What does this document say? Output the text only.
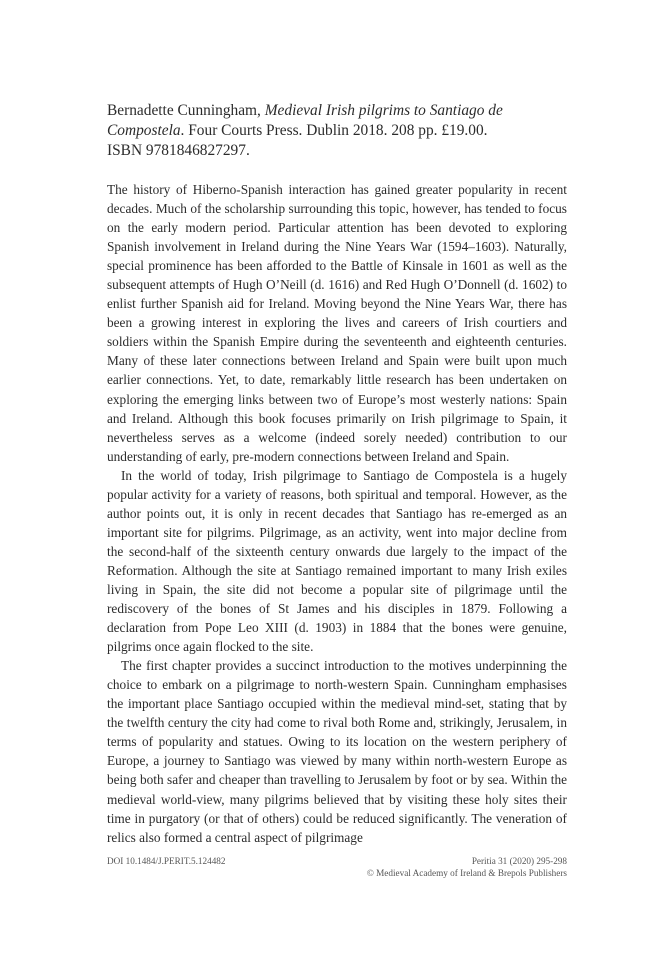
Bernadette Cunningham, Medieval Irish pilgrims to Santiago de Compostela. Four Courts Press. Dublin 2018. 208 pp. £19.00.
ISBN 9781846827297.

The history of Hiberno-Spanish interaction has gained greater popularity in recent decades. Much of the scholarship surrounding this topic, however, has tended to focus on the early modern period. Particular attention has been devoted to exploring Spanish involvement in Ireland during the Nine Years War (1594–1603). Naturally, special prominence has been afforded to the Battle of Kinsale in 1601 as well as the subsequent attempts of Hugh O’Neill (d. 1616) and Red Hugh O’Donnell (d. 1602) to enlist further Spanish aid for Ireland. Moving beyond the Nine Years War, there has been a growing interest in exploring the lives and careers of Irish courtiers and soldiers within the Spanish Empire during the seventeenth and eighteenth centuries. Many of these later connections between Ireland and Spain were built upon much earlier connections. Yet, to date, remarkably little research has been undertaken on exploring the emerging links between two of Europe’s most westerly nations: Spain and Ireland. Although this book focuses primarily on Irish pilgrimage to Spain, it nevertheless serves as a welcome (indeed sorely needed) contribution to our understanding of early, pre-modern connections between Ireland and Spain.

In the world of today, Irish pilgrimage to Santiago de Compostela is a hugely popular activity for a variety of reasons, both spiritual and temporal. However, as the author points out, it is only in recent decades that Santiago has re-emerged as an important site for pilgrims. Pilgrimage, as an activity, went into major decline from the second-half of the sixteenth century onwards due largely to the impact of the Reformation. Although the site at Santiago remained important to many Irish exiles living in Spain, the site did not become a popular site of pilgrimage until the rediscovery of the bones of St James and his disciples in 1879. Following a declaration from Pope Leo XIII (d. 1903) in 1884 that the bones were genuine, pilgrims once again flocked to the site.

The first chapter provides a succinct introduction to the motives underpinning the choice to embark on a pilgrimage to north-western Spain. Cunningham emphasises the important place Santiago occupied within the medieval mind-set, stating that by the twelfth century the city had come to rival both Rome and, strikingly, Jerusalem, in terms of popularity and statues. Owing to its location on the western periphery of Europe, a journey to Santiago was viewed by many within north-western Europe as being both safer and cheaper than travelling to Jerusalem by foot or by sea. Within the medieval world-view, many pilgrims believed that by visiting these holy sites their time in purgatory (or that of others) could be reduced significantly. The veneration of relics also formed a central aspect of pilgrimage

DOI 10.1484/J.PERIT.5.124482	Peritia 31 (2020) 295-298
© Medieval Academy of Ireland & Brepols Publishers
